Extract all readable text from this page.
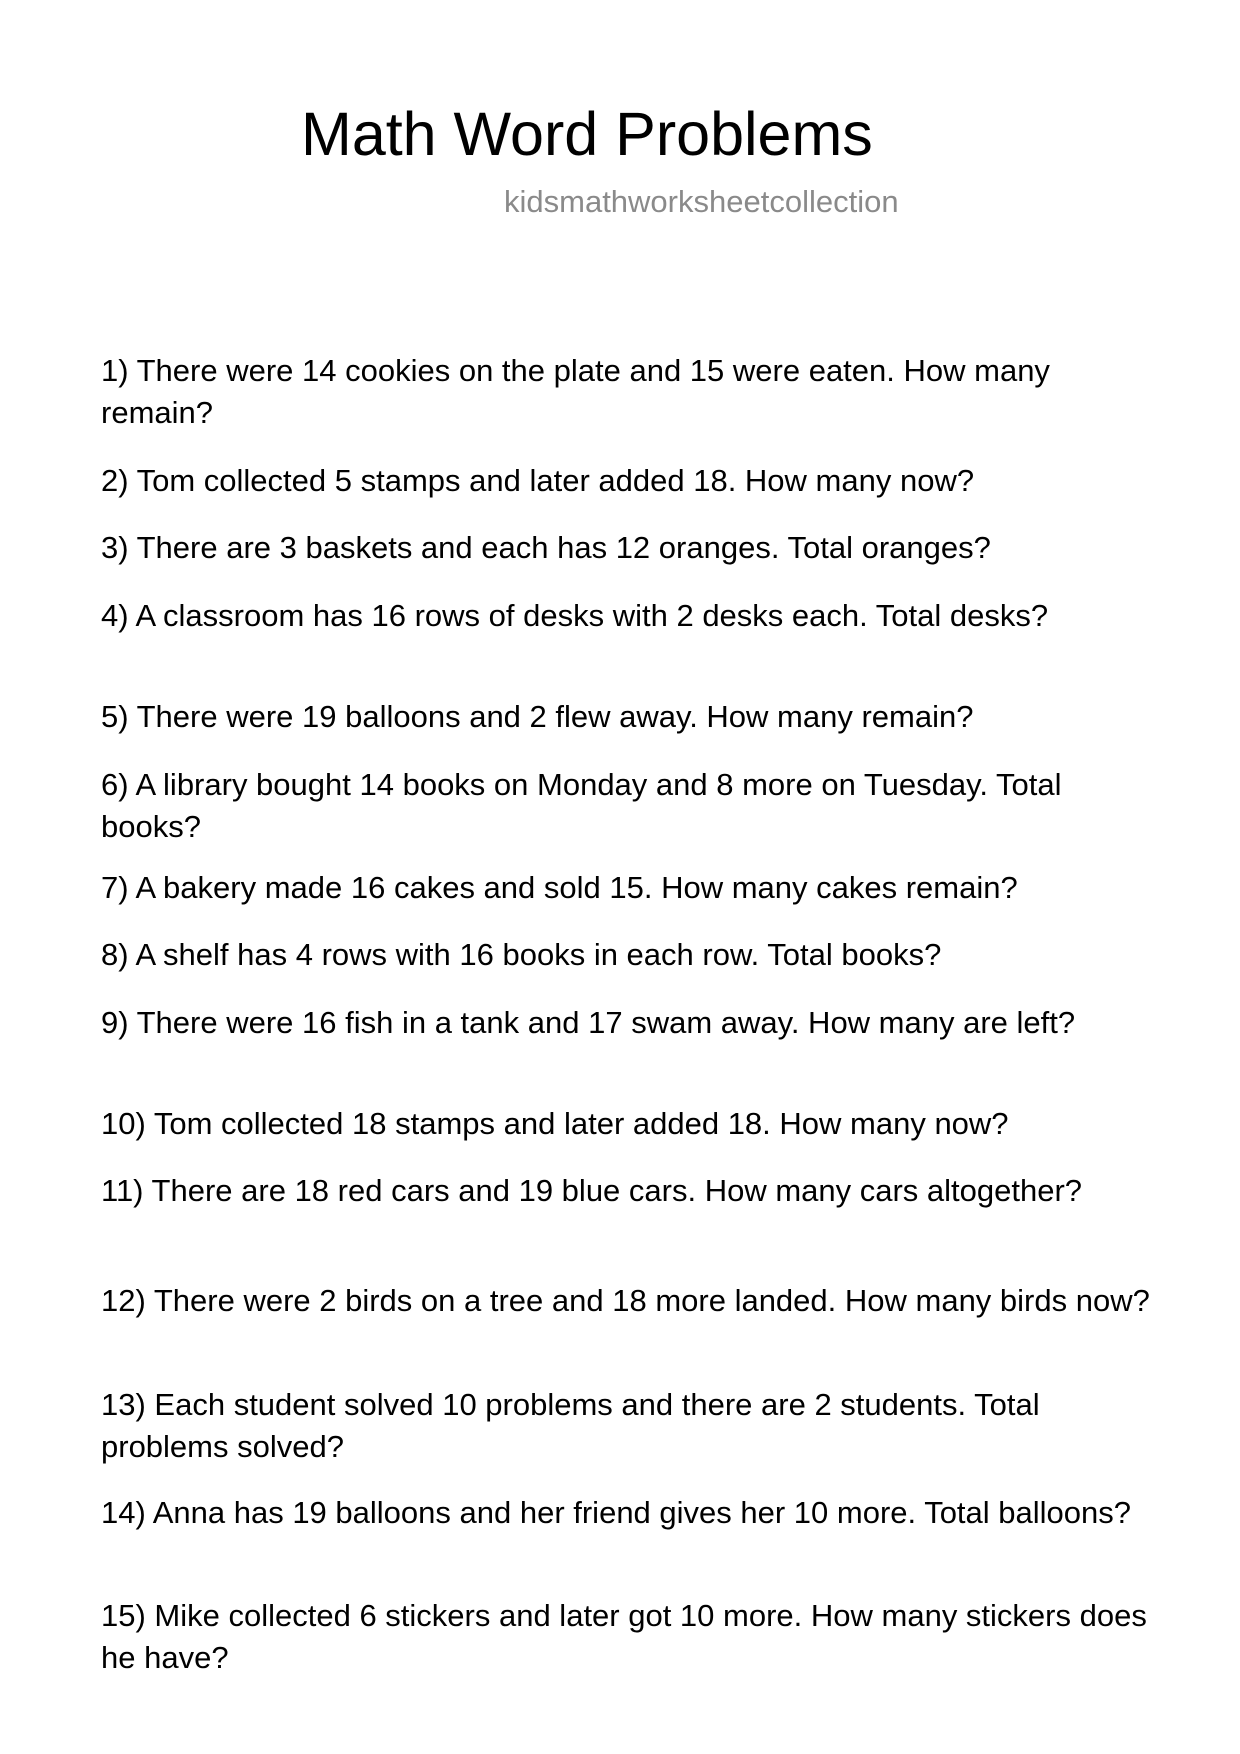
Math Word Problems
kidsmathworksheetcollection
1) There were 14 cookies on the plate and 15 were eaten. How many remain?
2) Tom collected 5 stamps and later added 18. How many now?
3) There are 3 baskets and each has 12 oranges. Total oranges?
4) A classroom has 16 rows of desks with 2 desks each. Total desks?
5) There were 19 balloons and 2 flew away. How many remain?
6) A library bought 14 books on Monday and 8 more on Tuesday. Total books?
7) A bakery made 16 cakes and sold 15. How many cakes remain?
8) A shelf has 4 rows with 16 books in each row. Total books?
9) There were 16 fish in a tank and 17 swam away. How many are left?
10) Tom collected 18 stamps and later added 18. How many now?
11) There are 18 red cars and 19 blue cars. How many cars altogether?
12) There were 2 birds on a tree and 18 more landed. How many birds now?
13) Each student solved 10 problems and there are 2 students. Total problems solved?
14) Anna has 19 balloons and her friend gives her 10 more. Total balloons?
15) Mike collected 6 stickers and later got 10 more. How many stickers does he have?
